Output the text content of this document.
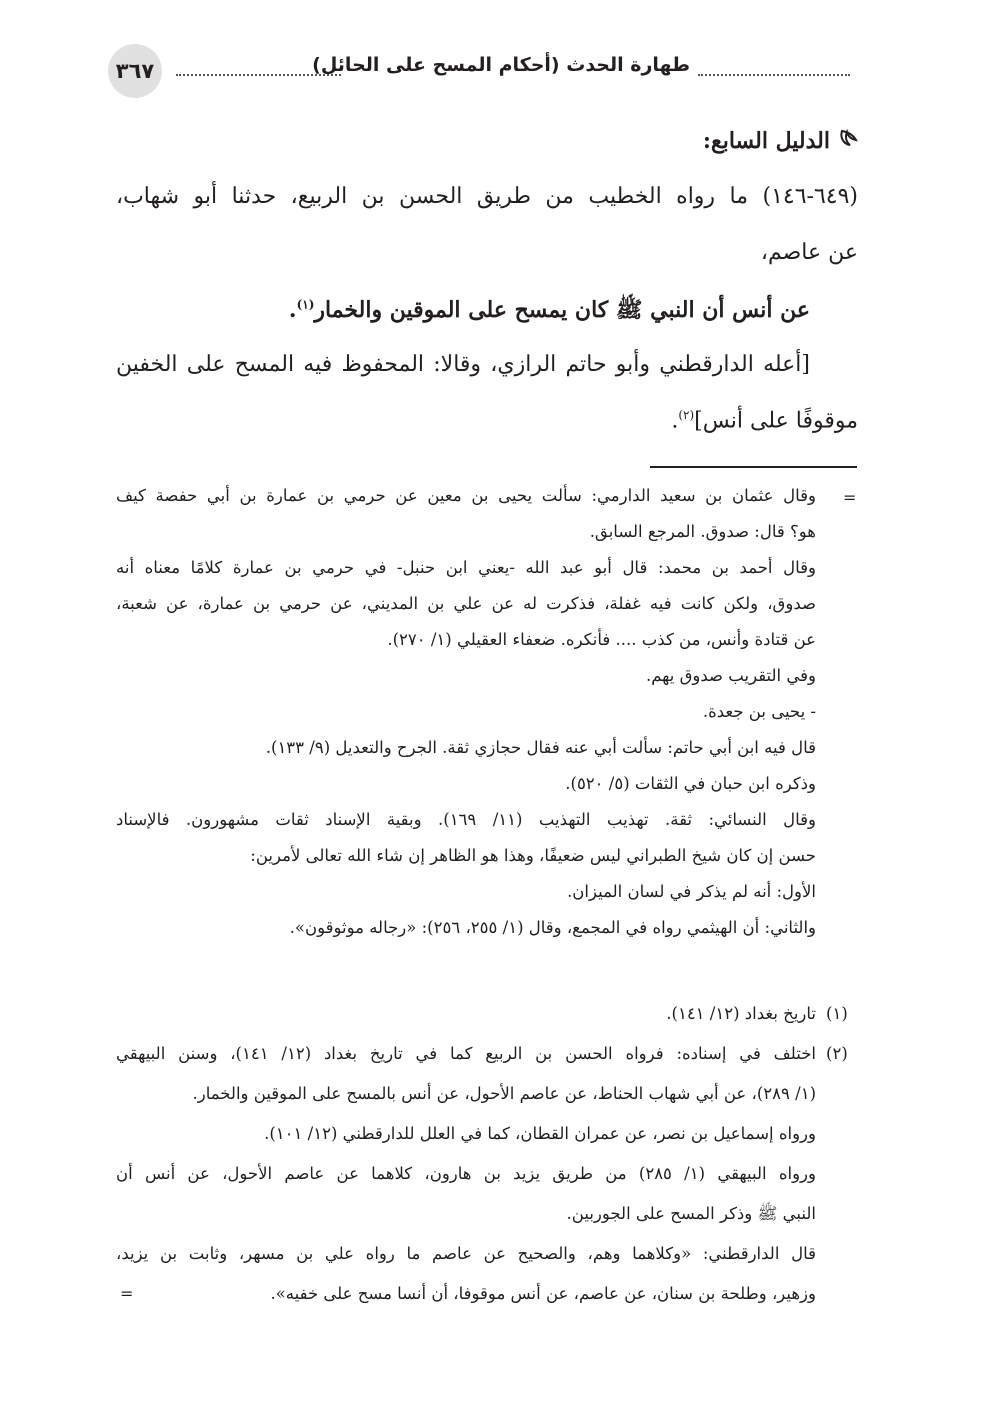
٣٦٧	طهارة الحدث (أحكام المسح على الحائل)
الدليل السابع:
(٦٤٩-١٤٦) ما رواه الخطيب من طريق الحسن بن الربيع، حدثنا أبو شهاب،
عن عاصم،
عن أنس أن النبي ﷺ كان يمسح على الموقين والخمار$^{(١)}$.
[أعله الدارقطني وأبو حاتم الرازي، وقالا: المحفوظ فيه المسح على الخفين
موقوفًا على أنس]$^{(٢)}$.
=
وقال عثمان بن سعيد الدارمي: سألت يحيى بن معين عن حرمي بن عمارة بن أبي حفصة كيف
هو؟ قال: صدوق. المرجع السابق.
وقال أحمد بن محمد: قال أبو عبد الله -يعني ابن حنبل- في حرمي بن عمارة كلامًا معناه أنه
صدوق، ولكن كانت فيه غفلة، فذكرت له عن علي بن المديني، عن حرمي بن عمارة، عن شعبة،
عن قتادة وأنس، من كذب .... فأنكره. ضعفاء العقيلي (١/ ٢٧٠).
وفي التقريب صدوق يهم.
- يحيى بن جعدة.
قال فيه ابن أبي حاتم: سألت أبي عنه فقال حجازي ثقة. الجرح والتعديل (٩/ ١٣٣).
وذكره ابن حبان في الثقات (٥/ ٥٢٠).
وقال النسائي: ثقة. تهذيب التهذيب (١١/ ١٦٩). وبقية الإسناد ثقات مشهورون. فالإسناد
حسن إن كان شيخ الطبراني ليس ضعيفًا، وهذا هو الظاهر إن شاء الله تعالى لأمرين:
الأول: أنه لم يذكر في لسان الميزان.
والثاني: أن الهيثمي رواه في المجمع، وقال (١/ ٢٥٥، ٢٥٦): «رجاله موثوقون».
(١)
تاريخ بغداد (١٢/ ١٤١).
(٢)
اختلف في إسناده: فرواه الحسن بن الربيع كما في تاريخ بغداد (١٢/ ١٤١)، وسنن البيهقي
(١/ ٢٨٩)، عن أبي شهاب الحناط، عن عاصم الأحول، عن أنس بالمسح على الموقين والخمار.
ورواه إسماعيل بن نصر، عن عمران القطان، كما في العلل للدارقطني (١٢/ ١٠١).
ورواه البيهقي (١/ ٢٨٥) من طريق يزيد بن هارون، كلاهما عن عاصم الأحول، عن أنس أن
النبي ﷺ وذكر المسح على الجوربين.
قال الدارقطني: «وكلاهما وهم، والصحيح عن عاصم ما رواه علي بن مسهر، وثابت بن يزيد،
وزهير، وطلحة بن سنان، عن عاصم، عن أنس موقوفا، أن أنسا مسح على خفيه».
=
